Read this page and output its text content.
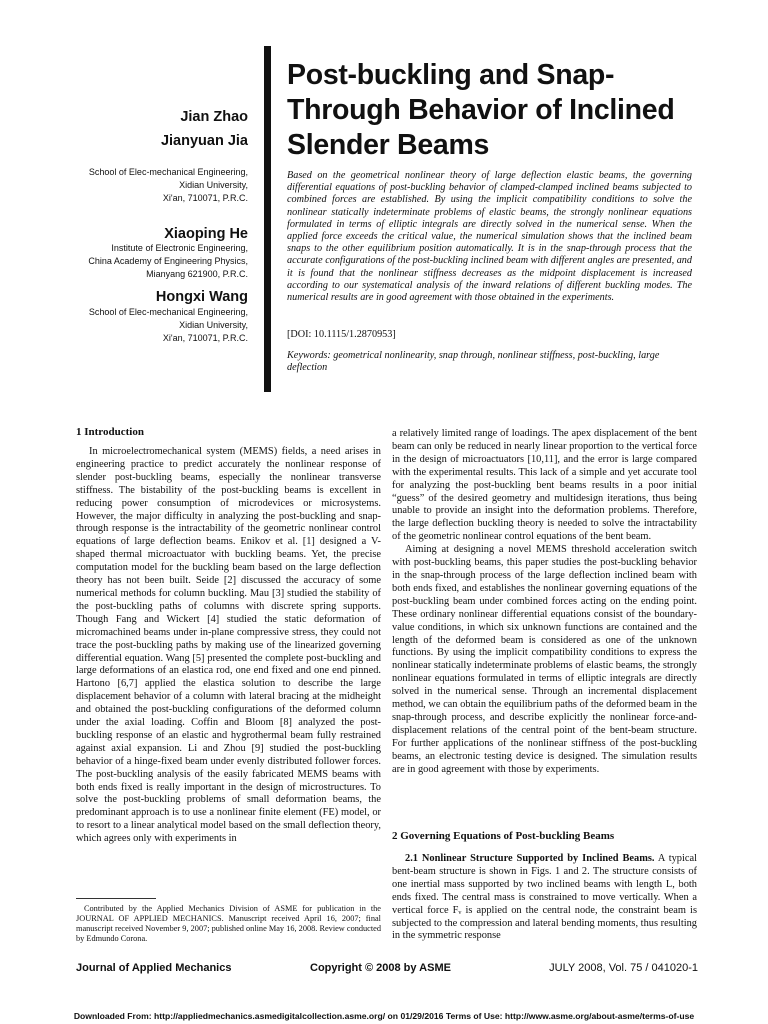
Post-buckling and Snap-Through Behavior of Inclined Slender Beams
Jian Zhao
Jianyuan Jia
School of Elec-mechanical Engineering,
Xidian University,
Xi'an, 710071, P.R.C.
Xiaoping He
Institute of Electronic Engineering,
China Academy of Engineering Physics,
Mianyang 621900, P.R.C.
Hongxi Wang
School of Elec-mechanical Engineering,
Xidian University,
Xi'an, 710071, P.R.C.
Based on the geometrical nonlinear theory of large deflection elastic beams, the governing differential equations of post-buckling behavior of clamped-clamped inclined beams subjected to combined forces are established. By using the implicit compatibility conditions to solve the nonlinear statically indeterminate problems of elastic beams, the strongly nonlinear equations formulated in terms of elliptic integrals are directly solved in the numerical sense. When the applied force exceeds the critical value, the numerical simulation shows that the inclined beam snaps to the other equilibrium position automatically. It is in the snap-through process that the accurate configurations of the post-buckling inclined beam with different angles are presented, and it is found that the nonlinear stiffness decreases as the midpoint displacement is increased according to our systematical analysis of the inward relations of different buckling modes. The numerical results are in good agreement with those obtained in the experiments.
[DOI: 10.1115/1.2870953]
Keywords: geometrical nonlinearity, snap through, nonlinear stiffness, post-buckling, large deflection
1 Introduction

In microelectromechanical system (MEMS) fields, a need arises in engineering practice to predict accurately the nonlinear response of slender post-buckling beams, especially the nonlinear transverse stiffness. The bistability of the post-buckling beams is excellent in reducing power consumption of microdevices or microsystems. However, the major difficulty in analyzing the post-buckling and snap-through response is the intractability of the geometric nonlinear control equations of large deflection beams. Enikov et al. [1] designed a V-shaped thermal microactuator with buckling beams. Yet, the precise computation model for the buckling beam based on the large deflection theory has not been built. Seide [2] discussed the accuracy of some numerical methods for column buckling. Mau [3] studied the stability of the post-buckling paths of columns with discrete spring supports. Though Fang and Wickert [4] studied the static deformation of micromachined beams under in-plane compressive stress, they could not trace the post-buckling paths by making use of the linearized governing differential equation. Wang [5] presented the complete post-buckling and large deformations of an elastica rod, one end fixed and one end pinned. Hartono [6,7] applied the elastica solution to describe the large displacement behavior of a column with lateral bracing at the midheight and obtained the post-buckling configurations of the deformed column under the axial loading. Coffin and Bloom [8] analyzed the post-buckling response of an elastic and hygrothermal beam fully restrained against axial expansion. Li and Zhou [9] studied the post-buckling behavior of a hinge-fixed beam under evenly distributed follower forces. The post-buckling analysis of the easily fabricated MEMS beams with both ends fixed is really important in the design of microstructures. To solve the post-buckling problems of small deformation beams, the predominant approach is to use a nonlinear finite element (FE) model, or to resort to a linear analytical model based on the small deflection theory, which agrees only with experiments in

Contributed by the Applied Mechanics Division of ASME for publication in the JOURNAL OF APPLIED MECHANICS. Manuscript received April 16, 2007; final manuscript received November 9, 2007; published online May 16, 2008. Review conducted by Edmundo Corona.

a relatively limited range of loadings. The apex displacement of the bent beam can only be reduced in nearly linear proportion to the vertical force in the design of microactuators [10,11], and the error is large compared with the experimental results. This lack of a simple and yet accurate tool for analyzing the post-buckling bent beams results in a poor initial “guess” of the desired geometry and multidesign iterations, thus being unable to provide an insight into the deformation problems. Therefore, the large deflection buckling theory is needed to solve the intractability of the geometric nonlinear control equations of the bent beam.

Aiming at designing a novel MEMS threshold acceleration switch with post-buckling beams, this paper studies the post-buckling behavior in the snap-through process of the large deflection inclined beam with both ends fixed, and establishes the nonlinear governing equations of the post-buckling beam under combined forces acting on the ending point. These ordinary nonlinear differential equations consist of the boundary-value conditions, in which six unknown functions are contained and the length of the deformed beam is considered as one of the unknown functions. By using the implicit compatibility conditions to express the nonlinear statically indeterminate problems of elastic beams, the strongly nonlinear equations formulated in terms of elliptic integrals are directly solved in the numerical sense. Through an incremental displacement method, we can obtain the equilibrium paths of the deformed beam in the snap-through process, and describe explicitly the nonlinear force-and-displacement relations of the central point of the bent-beam structure. For further applications of the nonlinear stiffness of the post-buckling beams, an electronic testing device is designed. The simulation results are in good agreement with those by experiments.

2 Governing Equations of Post-buckling Beams

2.1 Nonlinear Structure Supported by Inclined Beams. A typical bent-beam structure is shown in Figs. 1 and 2. The structure consists of one inertial mass supported by two inclined beams with length L, both ends fixed. The central mass is constrained to move vertically. When a vertical force Fᵥ is applied on the central node, the constraint beam is subjected to the compression and lateral bending moments, thus resulting in the symmetric response

Journal of Applied Mechanics	Copyright © 2008 by ASME	JULY 2008, Vol. 75 / 041020-1
Downloaded From: http://appliedmechanics.asmedigitalcollection.asme.org/ on 01/29/2016 Terms of Use: http://www.asme.org/about-asme/terms-of-use
